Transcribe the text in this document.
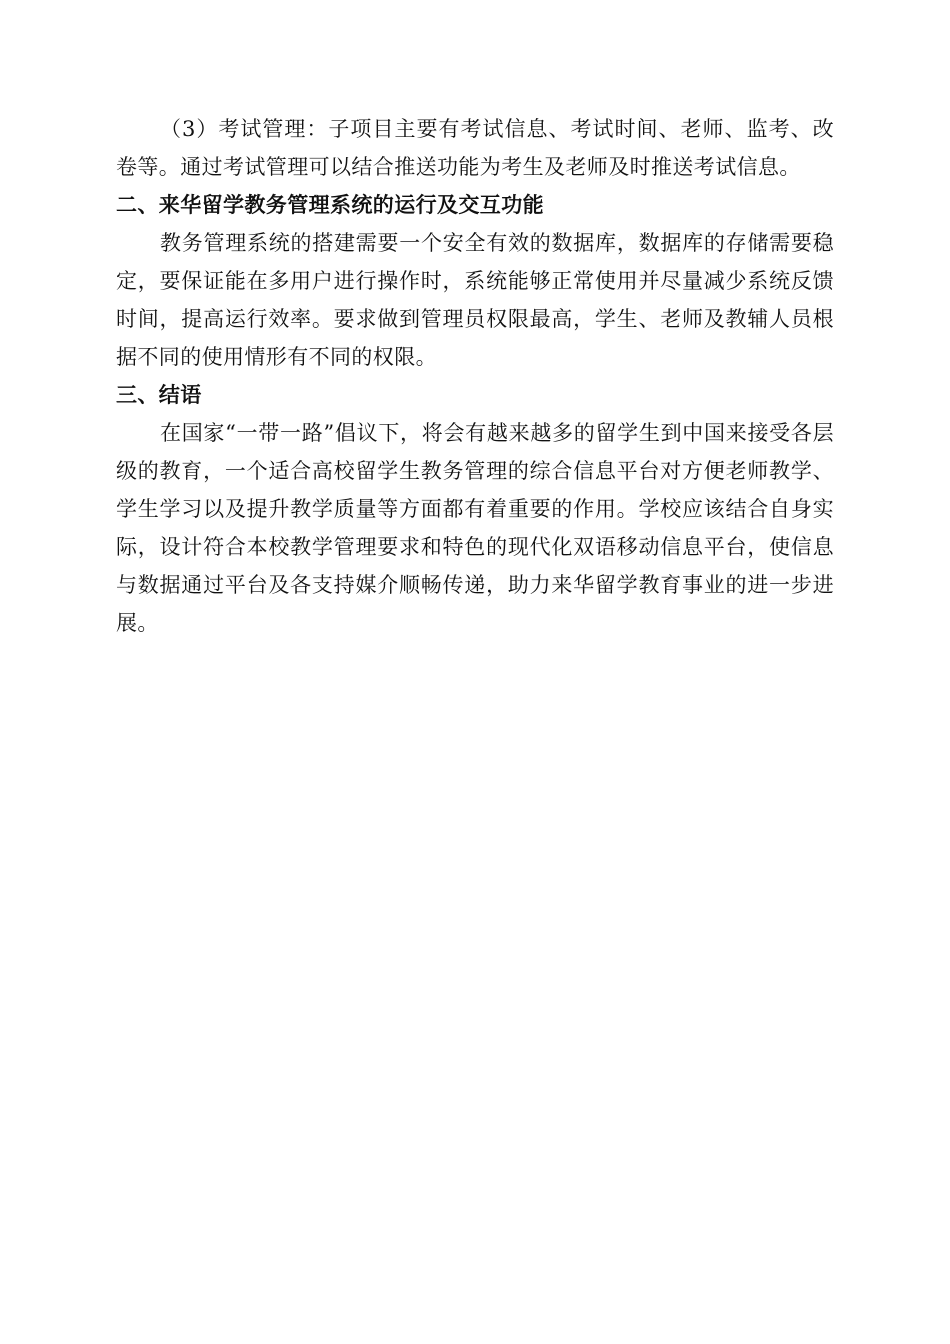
（3）考试管理：子项目主要有考试信息、考试时间、老师、监考、改卷等。通过考试管理可以结合推送功能为考生及老师及时推送考试信息。

二、来华留学教务管理系统的运行及交互功能

教务管理系统的搭建需要一个安全有效的数据库，数据库的存储需要稳定，要保证能在多用户进行操作时，系统能够正常使用并尽量减少系统反馈时间，提高运行效率。要求做到管理员权限最高，学生、老师及教辅人员根据不同的使用情形有不同的权限。

三、结语

在国家“一带一路”倡议下，将会有越来越多的留学生到中国来接受各层级的教育，一个适合高校留学生教务管理的综合信息平台对方便老师教学、学生学习以及提升教学质量等方面都有着重要的作用。学校应该结合自身实际，设计符合本校教学管理要求和特色的现代化双语移动信息平台，使信息与数据通过平台及各支持媒介顺畅传递，助力来华留学教育事业的进一步进展。
